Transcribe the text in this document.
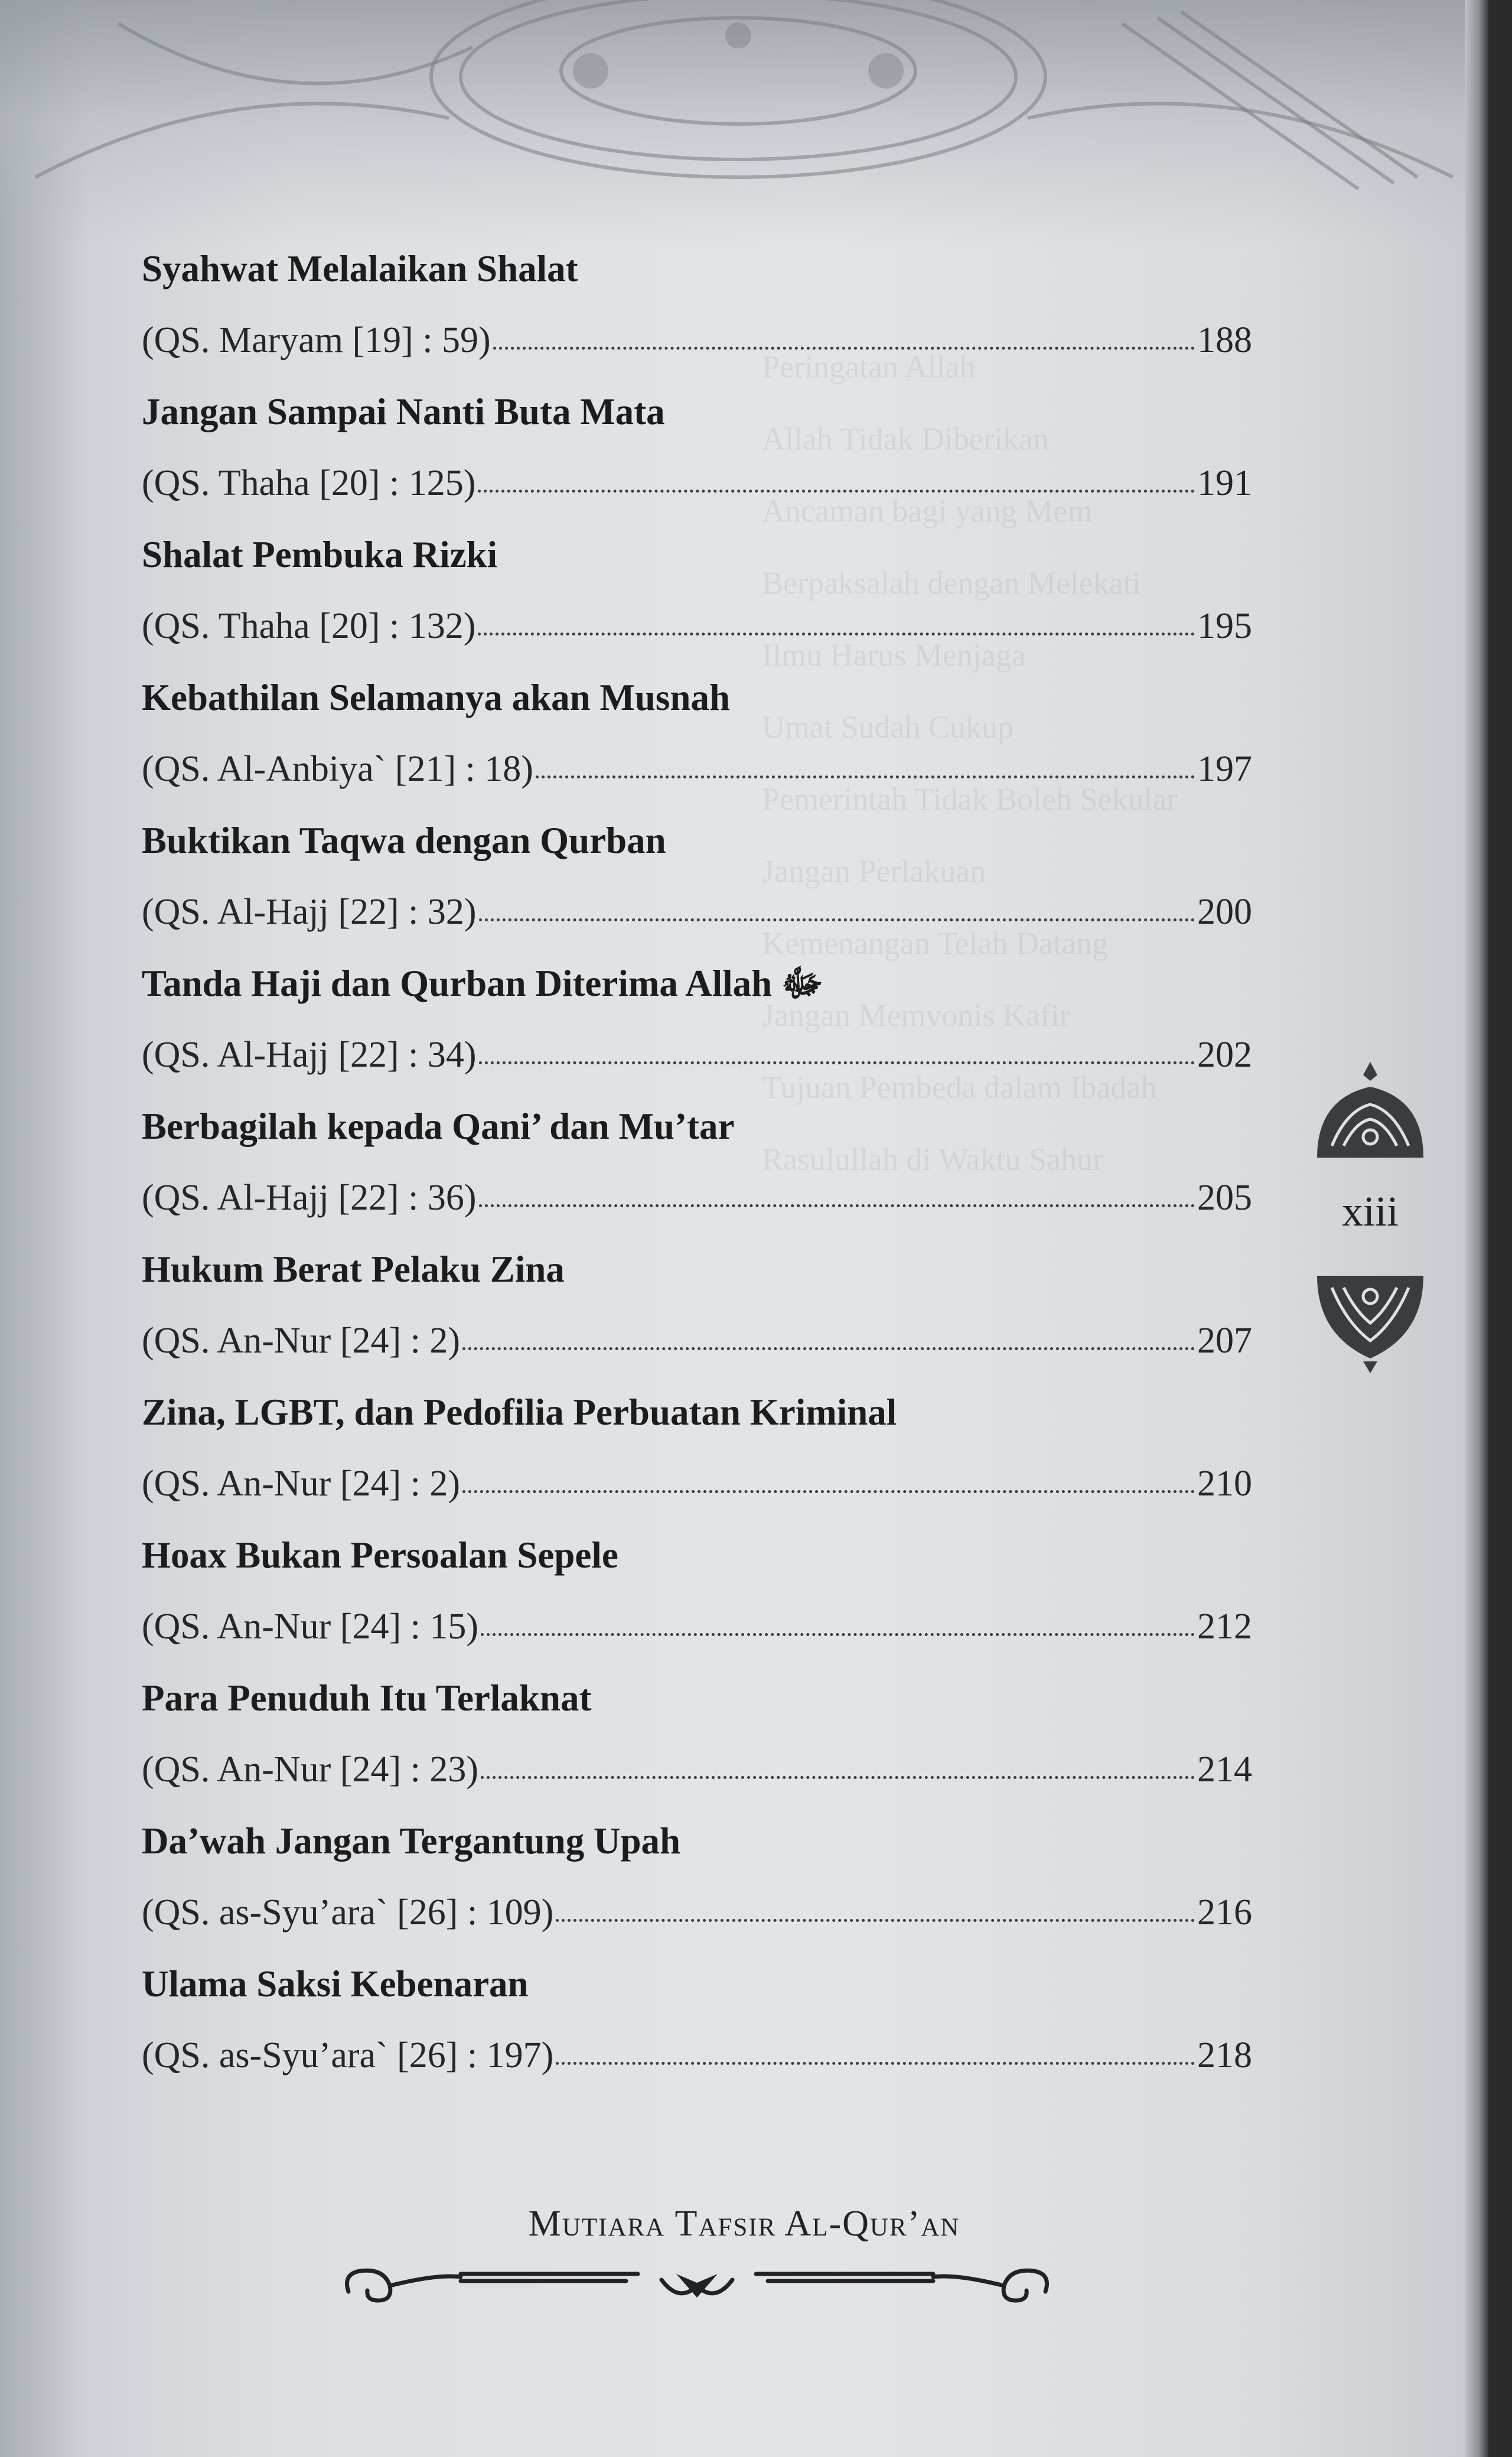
Peringatan Allah
Allah Tidak Diberikan
Ancaman bagi yang Mem
Berpaksalah dengan Melekati
Ilmu Harus Menjaga
Umat Sudah Cukup
Pemerintah Tidak Boleh Sekular
Jangan Perlakuan
Kemenangan Telah Datang
Jangan Memvonis Kafir
Tujuan Pembeda dalam Ibadah
Rasulullah di Waktu Sahur
Syahwat Melalaikan Shalat
(QS. Maryam [19] : 59)	188
Jangan Sampai Nanti Buta Mata
(QS. Thaha [20] : 125)	191
Shalat Pembuka Rizki
(QS. Thaha [20] : 132)	195
Kebathilan Selamanya akan Musnah
(QS. Al-Anbiya` [21] : 18)	197
Buktikan Taqwa dengan Qurban
(QS. Al-Hajj [22] : 32)	200
Tanda Haji dan Qurban Diterima Allah ﷻ
(QS. Al-Hajj [22] : 34)	202
Berbagilah kepada Qani’ dan Mu’tar
(QS. Al-Hajj [22] : 36)	205
Hukum Berat Pelaku Zina
(QS. An-Nur [24] : 2)	207
Zina, LGBT, dan Pedofilia Perbuatan Kriminal
(QS. An-Nur [24] : 2)	210
Hoax Bukan Persoalan Sepele
(QS. An-Nur [24] : 15)	212
Para Penuduh Itu Terlaknat
(QS. An-Nur [24] : 23)	214
Da’wah Jangan Tergantung Upah
(QS. as-Syu’ara` [26] : 109)	216
Ulama Saksi Kebenaran
(QS. as-Syu’ara` [26] : 197)	218
xiii
Mutiara Tafsir Al-Qur’an
